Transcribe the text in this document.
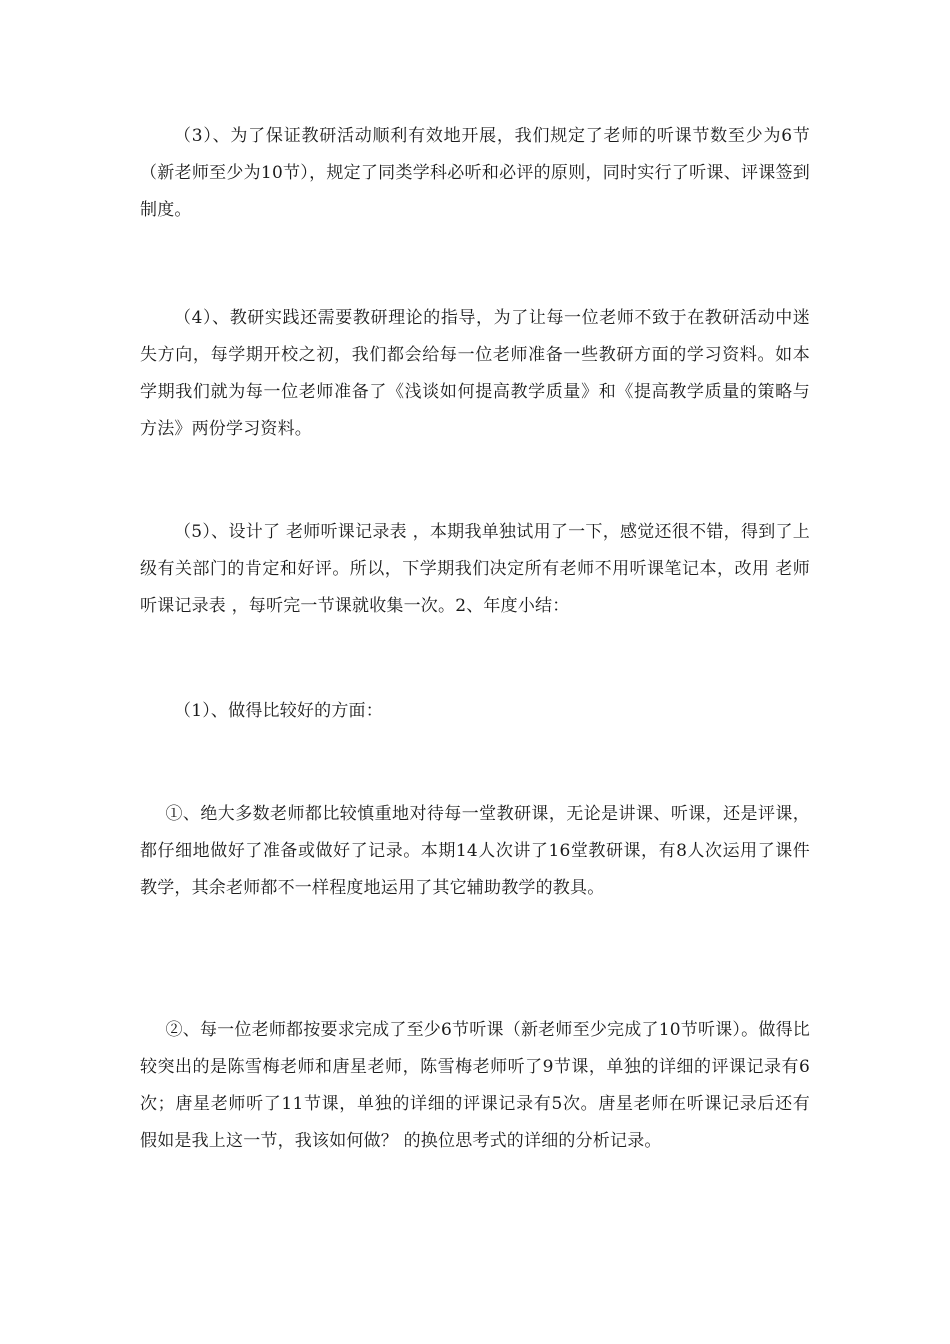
（3）、为了保证教研活动顺利有效地开展，我们规定了老师的听课节数至少为6节（新老师至少为10节），规定了同类学科必听和必评的原则，同时实行了听课、评课签到制度。

（4）、教研实践还需要教研理论的指导，为了让每一位老师不致于在教研活动中迷失方向，每学期开校之初，我们都会给每一位老师准备一些教研方面的学习资料。如本学期我们就为每一位老师准备了《浅谈如何提高教学质量》和《提高教学质量的策略与方法》两份学习资料。

（5）、设计了 老师听课记录表 ，本期我单独试用了一下，感觉还很不错，得到了上级有关部门的肯定和好评。所以，下学期我们决定所有老师不用听课笔记本，改用 老师听课记录表 ，每听完一节课就收集一次。2、年度小结：

（1）、做得比较好的方面：

①、绝大多数老师都比较慎重地对待每一堂教研课，无论是讲课、听课，还是评课，都仔细地做好了准备或做好了记录。本期14人次讲了16堂教研课，有8人次运用了课件教学，其余老师都不一样程度地运用了其它辅助教学的教具。

②、每一位老师都按要求完成了至少6节听课（新老师至少完成了10节听课）。做得比较突出的是陈雪梅老师和唐星老师，陈雪梅老师听了9节课，单独的详细的评课记录有6次；唐星老师听了11节课，单独的详细的评课记录有5次。唐星老师在听课记录后还有 假如是我上这一节，我该如何做？ 的换位思考式的详细的分析记录。
